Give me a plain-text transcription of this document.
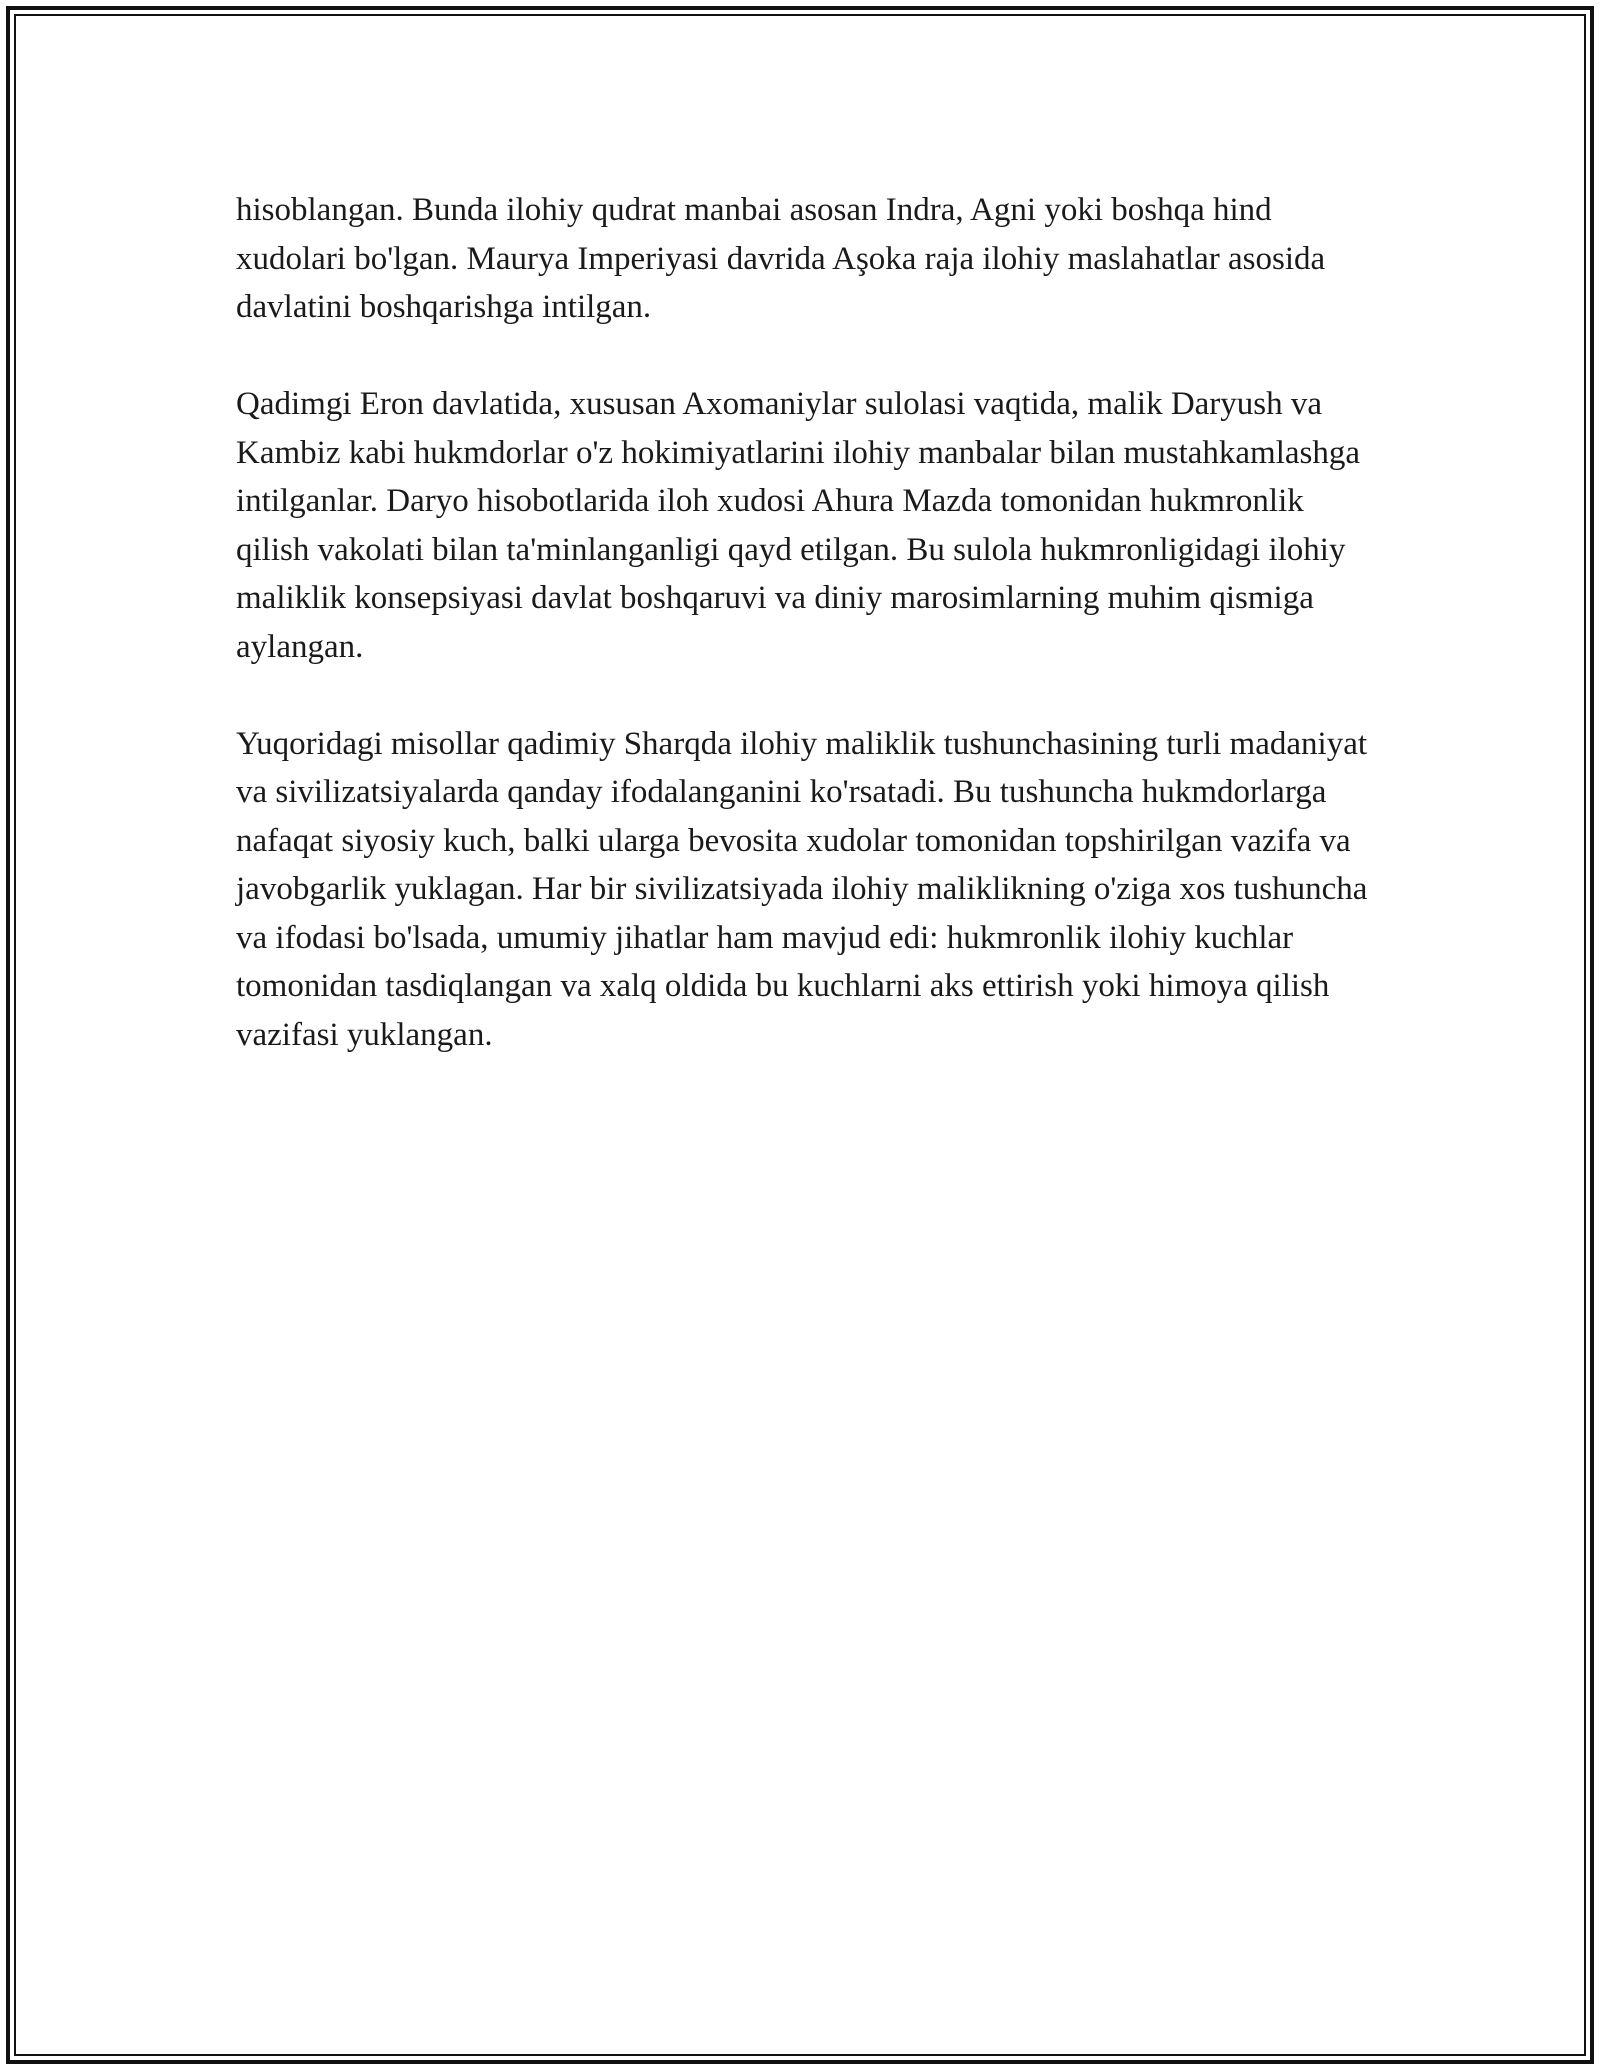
hisoblangan. Bunda ilohiy qudrat manbai asosan Indra, Agni yoki boshqa hind xudolari bo'lgan. Maurya Imperiyasi davrida Aşoka raja ilohiy maslahatlar asosida davlatini boshqarishga intilgan.

Qadimgi Eron davlatida, xususan Axomaniylar sulolasi vaqtida, malik Daryush va Kambiz kabi hukmdorlar o'z hokimiyatlarini ilohiy manbalar bilan mustahkamlashga intilganlar. Daryo hisobotlarida iloh xudosi Ahura Mazda tomonidan hukmronlik qilish vakolati bilan ta'minlanganligi qayd etilgan. Bu sulola hukmronligidagi ilohiy maliklik konsepsiyasi davlat boshqaruvi va diniy marosimlarning muhim qismiga aylangan.

Yuqoridagi misollar qadimiy Sharqda ilohiy maliklik tushunchasining turli madaniyat va sivilizatsiyalarda qanday ifodalanganini ko'rsatadi. Bu tushuncha hukmdorlarga nafaqat siyosiy kuch, balki ularga bevosita xudolar tomonidan topshirilgan vazifa va javobgarlik yuklagan. Har bir sivilizatsiyada ilohiy maliklikning o'ziga xos tushuncha va ifodasi bo'lsada, umumiy jihatlar ham mavjud edi: hukmronlik ilohiy kuchlar tomonidan tasdiqlangan va xalq oldida bu kuchlarni aks ettirish yoki himoya qilish vazifasi yuklangan.
